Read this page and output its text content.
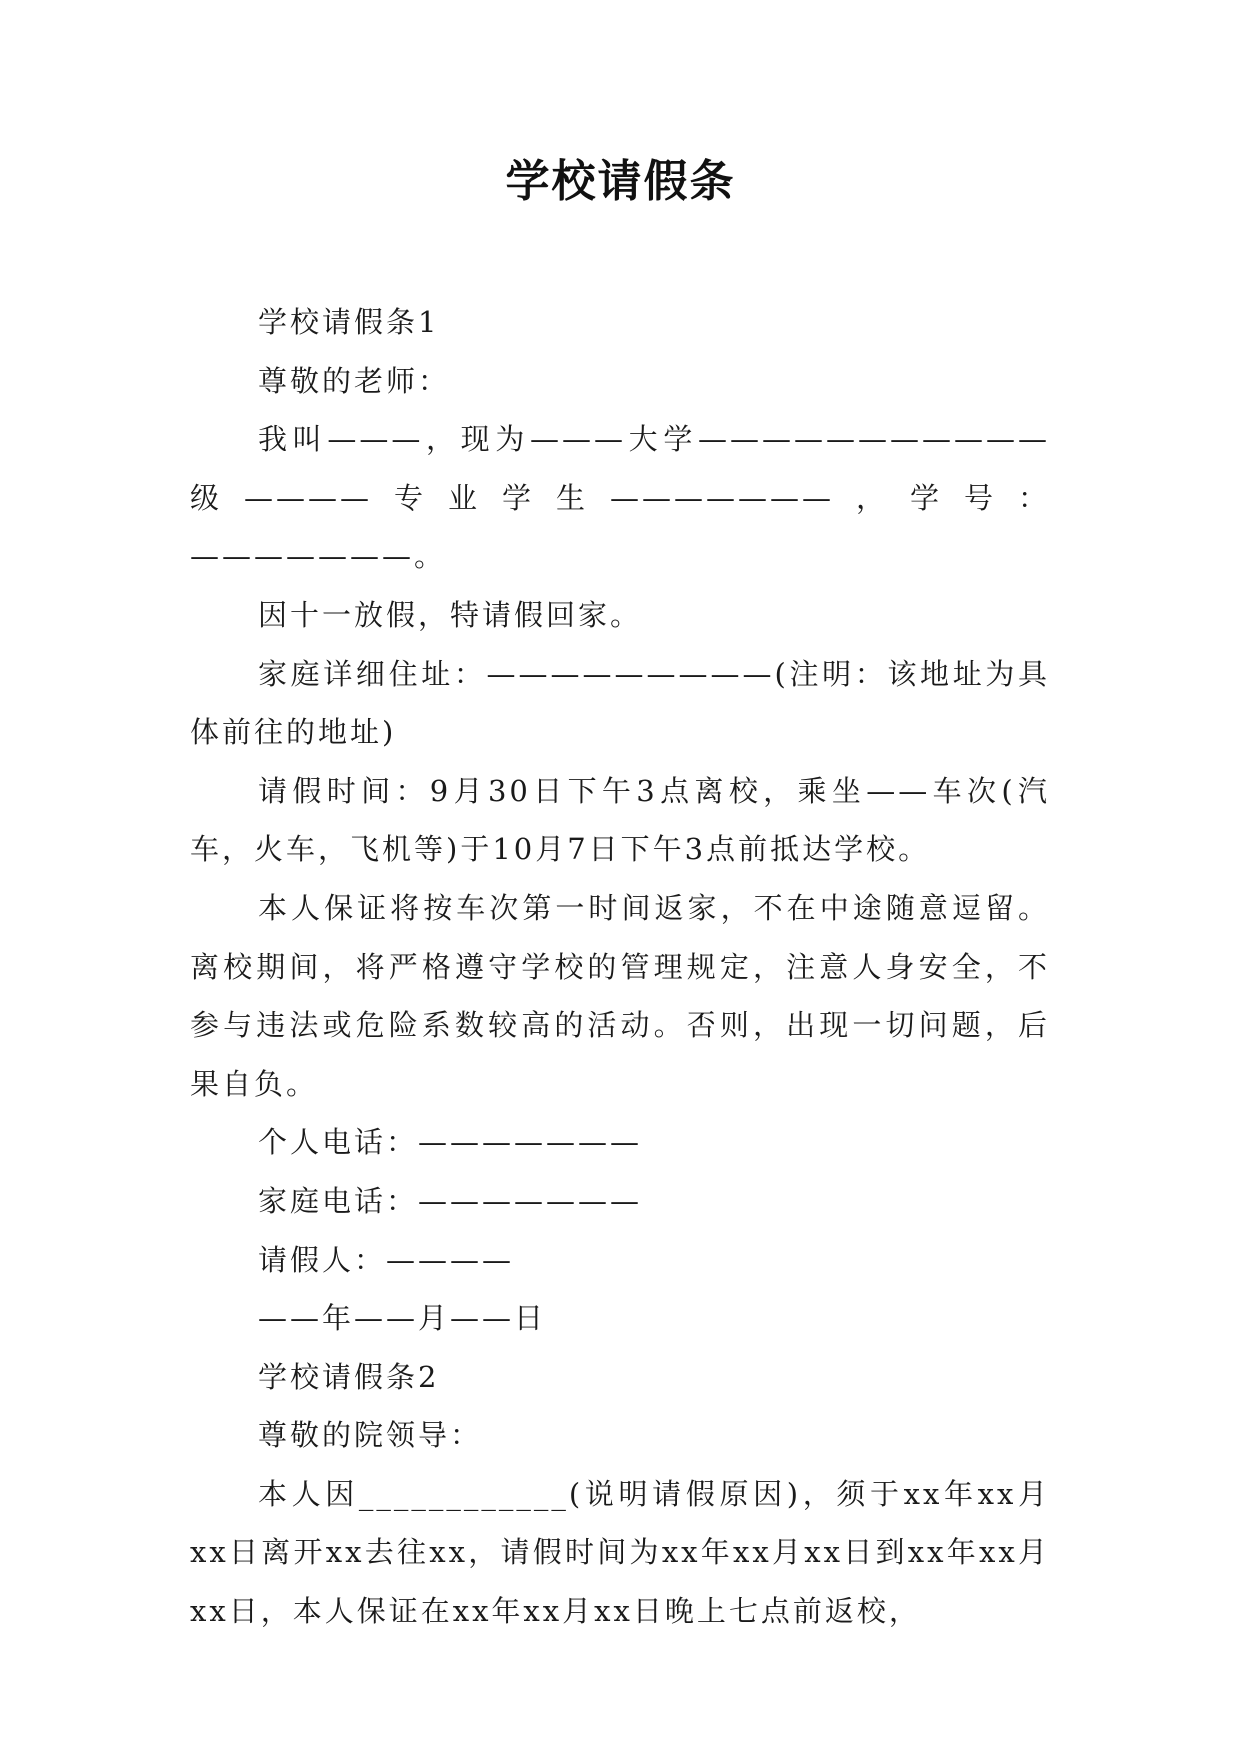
学校请假条

学校请假条1

尊敬的老师：

我叫———，现为———大学———————————级————专业学生———————，学号：———————。

因十一放假，特请假回家。

家庭详细住址：—————————(注明：该地址为具体前往的地址)

请假时间：9月30日下午3点离校，乘坐——车次(汽车，火车，飞机等)于10月7日下午3点前抵达学校。

本人保证将按车次第一时间返家，不在中途随意逗留。离校期间，将严格遵守学校的管理规定，注意人身安全，不参与违法或危险系数较高的活动。否则，出现一切问题，后果自负。

个人电话：———————

家庭电话：———————

请假人：————

——年——月——日

学校请假条2

尊敬的院领导：

本人因____________(说明请假原因)，须于xx年xx月xx日离开xx去往xx，请假时间为xx年xx月xx日到xx年xx月xx日，本人保证在xx年xx月xx日晚上七点前返校，
